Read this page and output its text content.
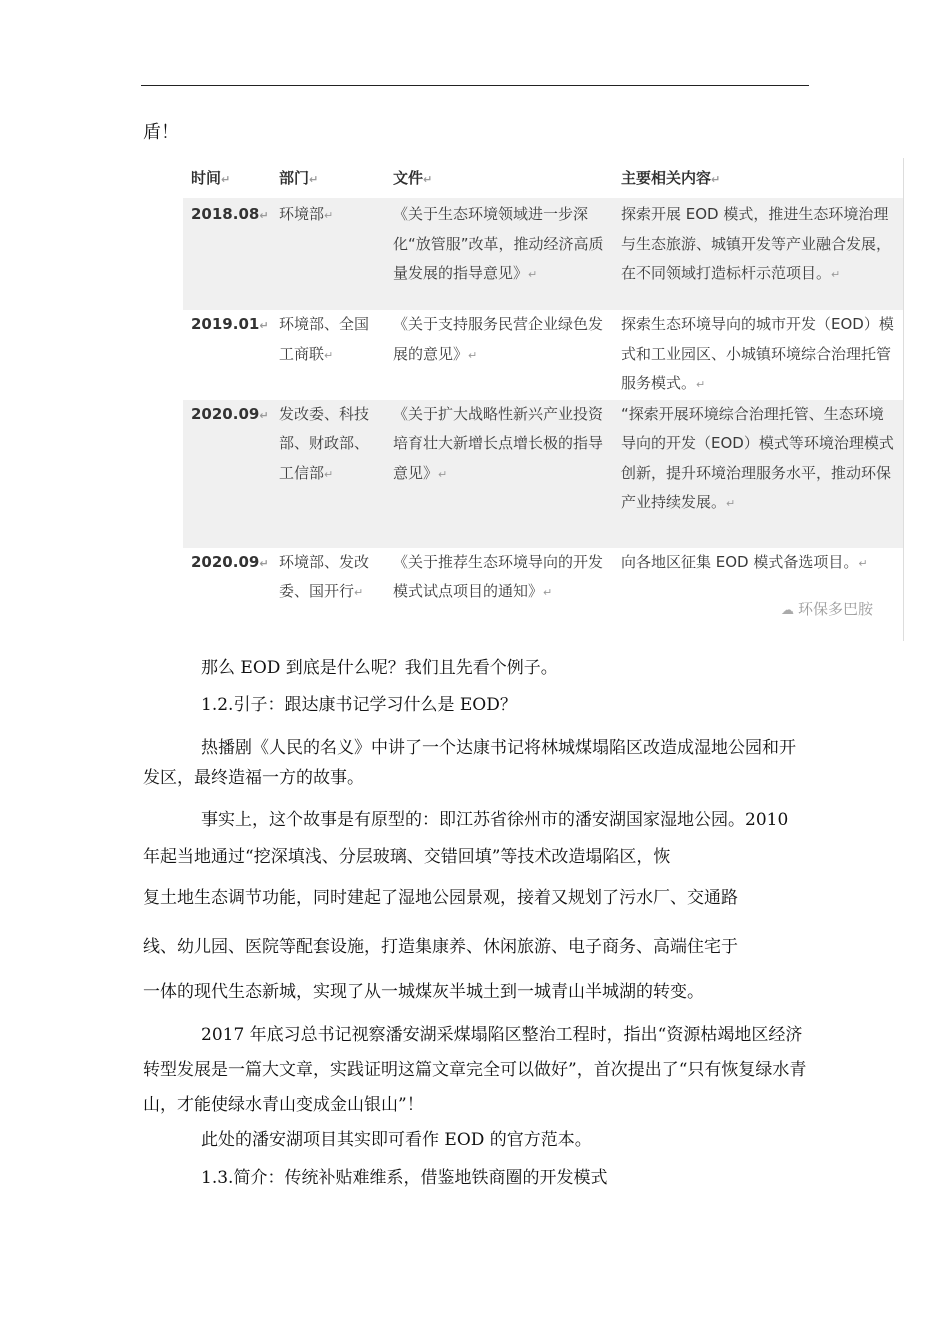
盾！
时间↵	部门↵	文件↵	主要相关内容↵
2018.08↵	环境部↵	《关于生态环境领域进一步深化“放管服”改革，推动经济高质量发展的指导意见》↵	探索开展 EOD 模式，推进生态环境治理与生态旅游、城镇开发等产业融合发展，在不同领域打造标杆示范项目。↵
2019.01↵	环境部、全国工商联↵	《关于支持服务民营企业绿色发展的意见》↵	探索生态环境导向的城市开发（EOD）模式和工业园区、小城镇环境综合治理托管服务模式。↵
2020.09↵	发改委、科技部、财政部、工信部↵	《关于扩大战略性新兴产业投资 培育壮大新增长点增长极的指导意见》↵	“探索开展环境综合治理托管、生态环境导向的开发（EOD）模式等环境治理模式创新，提升环境治理服务水平，推动环保产业持续发展。↵
2020.09↵	环境部、发改委、国开行↵	《关于推荐生态环境导向的开发模式试点项目的通知》↵	向各地区征集 EOD 模式备选项目。↵
☁ 环保多巴胺

那么 EOD 到底是什么呢？我们且先看个例子。

1.2.引子：跟达康书记学习什么是 EOD？

热播剧《人民的名义》中讲了一个达康书记将林城煤塌陷区改造成湿地公园和开发区，最终造福一方的故事。

事实上，这个故事是有原型的：即江苏省徐州市的潘安湖国家湿地公园。2010 年起当地通过“挖深填浅、分层玻璃、交错回填”等技术改造塌陷区，恢

复土地生态调节功能，同时建起了湿地公园景观，接着又规划了污水厂、交通路

线、幼儿园、医院等配套设施，打造集康养、休闲旅游、电子商务、高端住宅于

一体的现代生态新城，实现了从一城煤灰半城土到一城青山半城湖的转变。

2017 年底习总书记视察潘安湖采煤塌陷区整治工程时，指出“资源枯竭地区经济转型发展是一篇大文章，实践证明这篇文章完全可以做好”，首次提出了“只有恢复绿水青山，才能使绿水青山变成金山银山”！

此处的潘安湖项目其实即可看作 EOD 的官方范本。

1.3.简介：传统补贴难维系，借鉴地铁商圈的开发模式
